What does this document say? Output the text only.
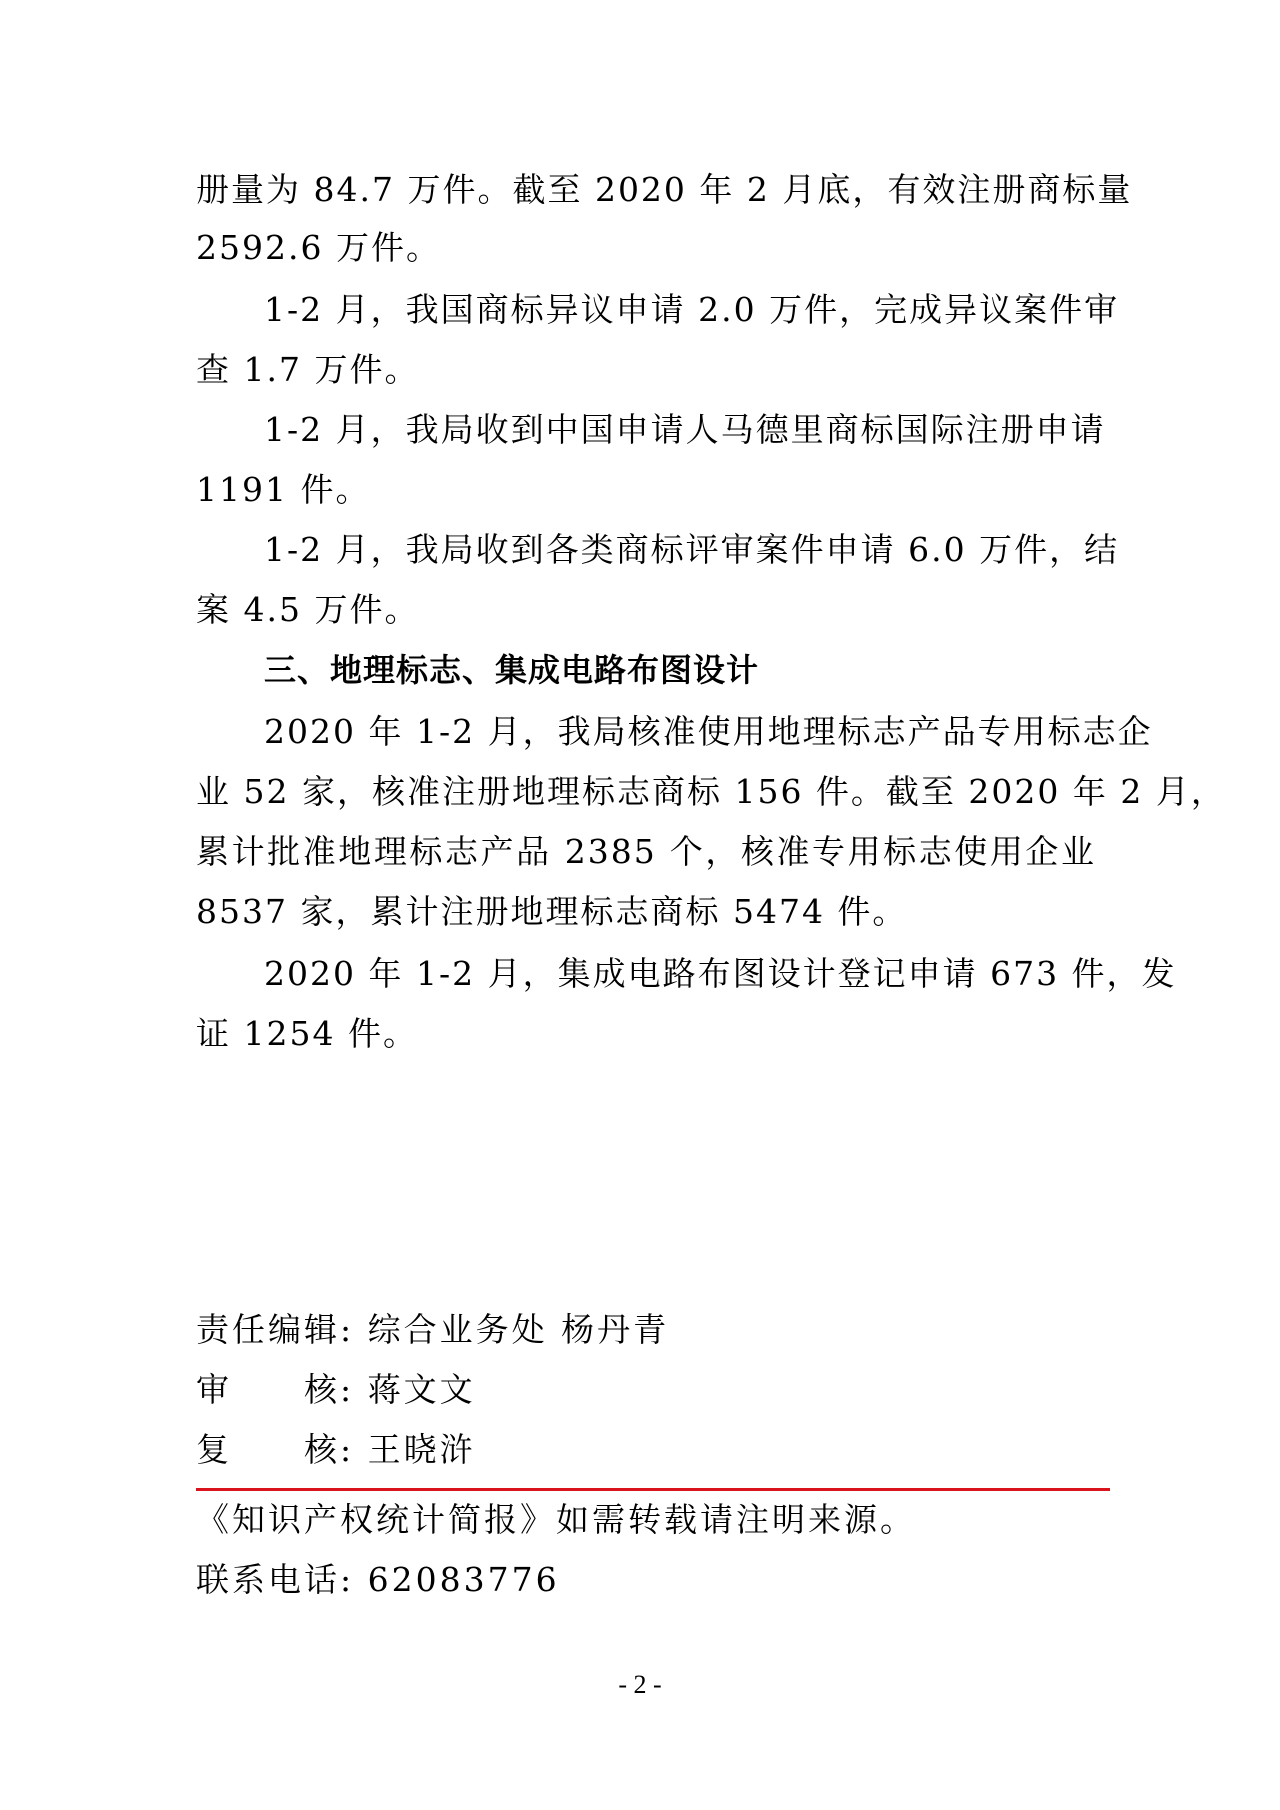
册量为 84.7 万件。截至 2020 年 2 月底，有效注册商标量
2592.6 万件。
1-2 月，我国商标异议申请 2.0 万件，完成异议案件审
查 1.7 万件。
1-2 月，我局收到中国申请人马德里商标国际注册申请
1191 件。
1-2 月，我局收到各类商标评审案件申请 6.0 万件，结
案 4.5 万件。
三、地理标志、集成电路布图设计
2020 年 1-2 月，我局核准使用地理标志产品专用标志企
业 52 家，核准注册地理标志商标 156 件。截至 2020 年 2 月，
累计批准地理标志产品 2385 个，核准专用标志使用企业
8537 家，累计注册地理标志商标 5474 件。
2020 年 1-2 月，集成电路布图设计登记申请 673 件，发
证 1254 件。
责任编辑: 综合业务处 杨丹青
审　　核: 蒋文文
复　　核: 王晓浒
《知识产权统计简报》如需转载请注明来源。
联系电话: 62083776
- 2 -
